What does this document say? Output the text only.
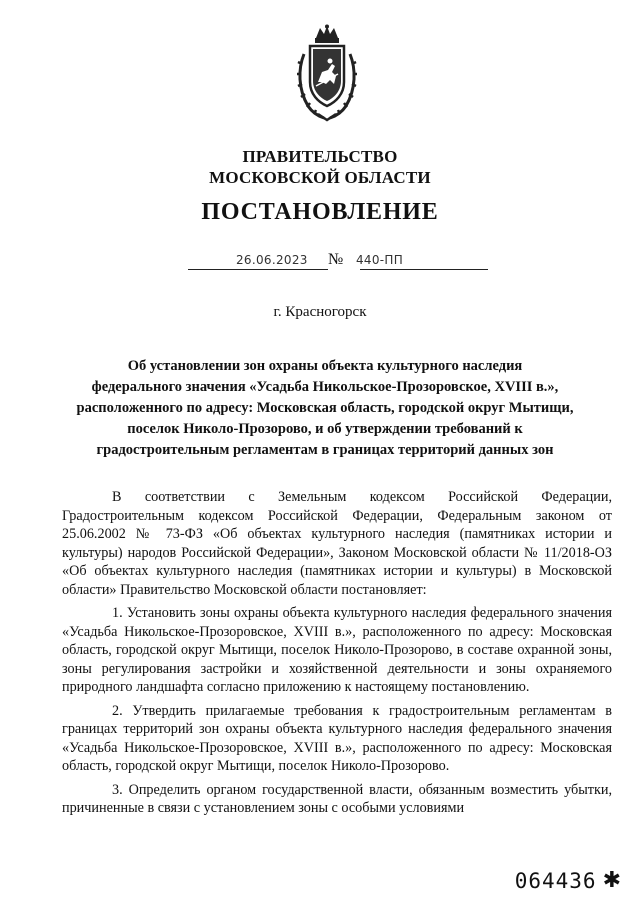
ПРАВИТЕЛЬСТВО
МОСКОВСКОЙ ОБЛАСТИ
ПОСТАНОВЛЕНИЕ
26.06.2023 № 440-ПП
г. Красногорск
Об установлении зон охраны объекта культурного наследия
федерального значения «Усадьба Никольское-Прозоровское, XVIII в.»,
расположенного по адресу: Московская область, городской округ Мытищи,
поселок Николо-Прозорово, и об утверждении требований к
градостроительным регламентам в границах территорий данных зон

В соответствии с Земельным кодексом Российской Федерации, Градостроительным кодексом Российской Федерации, Федеральным законом от 25.06.2002 № 73-ФЗ «Об объектах культурного наследия (памятниках истории и культуры) народов Российской Федерации», Законом Московской области № 11/2018-ОЗ «Об объектах культурного наследия (памятниках истории и культуры) в Московской области» Правительство Московской области постановляет:

1. Установить зоны охраны объекта культурного наследия федерального значения «Усадьба Никольское-Прозоровское, XVIII в.», расположенного по адресу: Московская область, городской округ Мытищи, поселок Николо-Прозорово, в составе охранной зоны, зоны регулирования застройки и хозяйственной деятельности и зоны охраняемого природного ландшафта согласно приложению к настоящему постановлению.

2. Утвердить прилагаемые требования к градостроительным регламентам в границах территорий зон охраны объекта культурного наследия федерального значения «Усадьба Никольское-Прозоровское, XVIII в.», расположенного по адресу: Московская область, городской округ Мытищи, поселок Николо-Прозорово.

3. Определить органом государственной власти, обязанным возместить убытки, причиненные в связи с установлением зоны с особыми условиями

064436 ✱
